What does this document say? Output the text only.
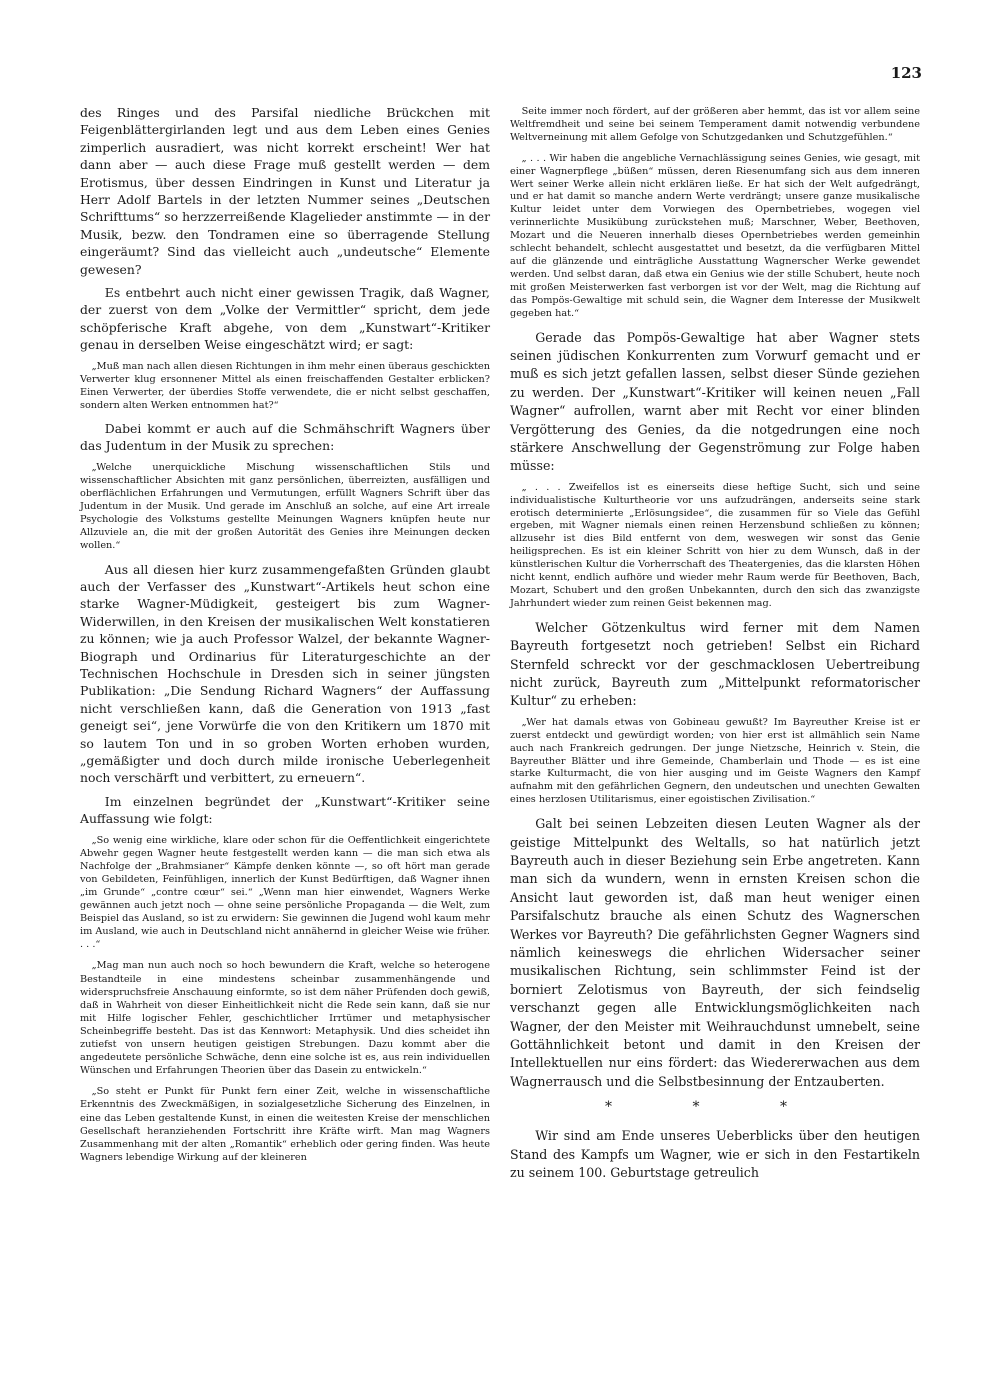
123

des Ringes und des Parsifal niedliche Brückchen mit Feigenblättergirlanden legt und aus dem Leben eines Genies zimperlich ausradiert, was nicht korrekt erscheint! Wer hat dann aber — auch diese Frage muß gestellt werden — dem Erotismus, über dessen Eindringen in Kunst und Literatur ja Herr Adolf Bartels in der letzten Nummer seines „Deutschen Schrifttums“ so herzzerreißende Klagelieder anstimmte — in der Musik, bezw. den Tondramen eine so überragende Stellung eingeräumt? Sind das vielleicht auch „undeutsche“ Elemente gewesen?

Es entbehrt auch nicht einer gewissen Tragik, daß Wagner, der zuerst von dem „Volke der Vermittler“ spricht, dem jede schöpferische Kraft abgehe, von dem „Kunstwart“-Kritiker genau in derselben Weise eingeschätzt wird; er sagt:

„Muß man nach allen diesen Richtungen in ihm mehr einen überaus geschickten Verwerter klug ersonnener Mittel als einen freischaffenden Gestalter erblicken? Einen Verwerter, der überdies Stoffe verwendete, die er nicht selbst geschaffen, sondern alten Werken entnommen hat?“

Dabei kommt er auch auf die Schmähschrift Wagners über das Judentum in der Musik zu sprechen:

„Welche unerquickliche Mischung wissenschaftlichen Stils und wissenschaftlicher Absichten mit ganz persönlichen, überreizten, ausfälligen und oberflächlichen Erfahrungen und Vermutungen, erfüllt Wagners Schrift über das Judentum in der Musik. Und gerade im Anschluß an solche, auf eine Art irreale Psychologie des Volkstums gestellte Meinungen Wagners knüpfen heute nur Allzuviele an, die mit der großen Autorität des Genies ihre Meinungen decken wollen.“

Aus all diesen hier kurz zusammengefaßten Gründen glaubt auch der Verfasser des „Kunstwart“-Artikels heut schon eine starke Wagner-Müdigkeit, gesteigert bis zum Wagner-Widerwillen, in den Kreisen der musikalischen Welt konstatieren zu können; wie ja auch Professor Walzel, der bekannte Wagner-Biograph und Ordinarius für Literaturgeschichte an der Technischen Hochschule in Dresden sich in seiner jüngsten Publikation: „Die Sendung Richard Wagners“ der Auffassung nicht verschließen kann, daß die Generation von 1913 „fast geneigt sei“, jene Vorwürfe die von den Kritikern um 1870 mit so lautem Ton und in so groben Worten erhoben wurden, „gemäßigter und doch durch milde ironische Ueberlegenheit noch verschärft und verbittert, zu erneuern“.

Im einzelnen begründet der „Kunstwart“-Kritiker seine Auffassung wie folgt:

„So wenig eine wirkliche, klare oder schon für die Oeffentlichkeit eingerichtete Abwehr gegen Wagner heute festgestellt werden kann — die man sich etwa als Nachfolge der „Brahmsianer“ Kämpfe denken könnte —, so oft hört man gerade von Gebildeten, Feinfühligen, innerlich der Kunst Bedürftigen, daß Wagner ihnen „im Grunde“ „contre cœur“ sei.“ „Wenn man hier einwendet, Wagners Werke gewännen auch jetzt noch — ohne seine persönliche Propaganda — die Welt, zum Beispiel das Ausland, so ist zu erwidern: Sie gewinnen die Jugend wohl kaum mehr im Ausland, wie auch in Deutschland nicht annähernd in gleicher Weise wie früher. . . .“

„Mag man nun auch noch so hoch bewundern die Kraft, welche so heterogene Bestandteile in eine mindestens scheinbar zusammenhängende und widerspruchsfreie Anschauung einformte, so ist dem näher Prüfenden doch gewiß, daß in Wahrheit von dieser Einheitlichkeit nicht die Rede sein kann, daß sie nur mit Hilfe logischer Fehler, geschichtlicher Irrtümer und metaphysischer Scheinbegriffe besteht. Das ist das Kennwort: Metaphysik. Und dies scheidet ihn zutiefst von unsern heutigen geistigen Strebungen. Dazu kommt aber die angedeutete persönliche Schwäche, denn eine solche ist es, aus rein individuellen Wünschen und Erfahrungen Theorien über das Dasein zu entwickeln.“

„So steht er Punkt für Punkt fern einer Zeit, welche in wissenschaftliche Erkenntnis des Zweckmäßigen, in sozialgesetzliche Sicherung des Einzelnen, in eine das Leben gestaltende Kunst, in einen die weitesten Kreise der menschlichen Gesellschaft heranziehenden Fortschritt ihre Kräfte wirft. Man mag Wagners Zusammenhang mit der alten „Romantik“ erheblich oder gering finden. Was heute Wagners lebendige Wirkung auf der kleineren

Seite immer noch fördert, auf der größeren aber hemmt, das ist vor allem seine Weltfremdheit und seine bei seinem Temperament damit notwendig verbundene Weltverneinung mit allem Gefolge von Schutzgedanken und Schutzgefühlen.“

„ . . . Wir haben die angebliche Vernachlässigung seines Genies, wie gesagt, mit einer Wagnerpflege „büßen“ müssen, deren Riesenumfang sich aus dem inneren Wert seiner Werke allein nicht erklären ließe. Er hat sich der Welt aufgedrängt, und er hat damit so manche andern Werte verdrängt; unsere ganze musikalische Kultur leidet unter dem Vorwiegen des Opernbetriebes, wogegen viel verinnerlichte Musikübung zurückstehen muß; Marschner, Weber, Beethoven, Mozart und die Neueren innerhalb dieses Opernbetriebes werden gemeinhin schlecht behandelt, schlecht ausgestattet und besetzt, da die verfügbaren Mittel auf die glänzende und einträgliche Ausstattung Wagnerscher Werke gewendet werden. Und selbst daran, daß etwa ein Genius wie der stille Schubert, heute noch mit großen Meisterwerken fast verborgen ist vor der Welt, mag die Richtung auf das Pompös-Gewaltige mit schuld sein, die Wagner dem Interesse der Musikwelt gegeben hat.“

Gerade das Pompös-Gewaltige hat aber Wagner stets seinen jüdischen Konkurrenten zum Vorwurf gemacht und er muß es sich jetzt gefallen lassen, selbst dieser Sünde geziehen zu werden. Der „Kunstwart“-Kritiker will keinen neuen „Fall Wagner“ aufrollen, warnt aber mit Recht vor einer blinden Vergötterung des Genies, da die notgedrungen eine noch stärkere Anschwellung der Gegenströmung zur Folge haben müsse:

„ . . . Zweifellos ist es einerseits diese heftige Sucht, sich und seine individualistische Kulturtheorie vor uns aufzudrängen, anderseits seine stark erotisch determinierte „Erlösungsidee“, die zusammen für so Viele das Gefühl ergeben, mit Wagner niemals einen reinen Herzensbund schließen zu können; allzusehr ist dies Bild entfernt von dem, weswegen wir sonst das Genie heiligsprechen. Es ist ein kleiner Schritt von hier zu dem Wunsch, daß in der künstlerischen Kultur die Vorherrschaft des Theatergenies, das die klarsten Höhen nicht kennt, endlich aufhöre und wieder mehr Raum werde für Beethoven, Bach, Mozart, Schubert und den großen Unbekannten, durch den sich das zwanzigste Jahrhundert wieder zum reinen Geist bekennen mag.

Welcher Götzenkultus wird ferner mit dem Namen Bayreuth fortgesetzt noch getrieben! Selbst ein Richard Sternfeld schreckt vor der geschmacklosen Uebertreibung nicht zurück, Bayreuth zum „Mittelpunkt reformatorischer Kultur“ zu erheben:

„Wer hat damals etwas von Gobineau gewußt? Im Bayreuther Kreise ist er zuerst entdeckt und gewürdigt worden; von hier erst ist allmählich sein Name auch nach Frankreich gedrungen. Der junge Nietzsche, Heinrich v. Stein, die Bayreuther Blätter und ihre Gemeinde, Chamberlain und Thode — es ist eine starke Kulturmacht, die von hier ausging und im Geiste Wagners den Kampf aufnahm mit den gefährlichen Gegnern, den undeutschen und unechten Gewalten eines herzlosen Utilitarismus, einer egoistischen Zivilisation.“

Galt bei seinen Lebzeiten diesen Leuten Wagner als der geistige Mittelpunkt des Weltalls, so hat natürlich jetzt Bayreuth auch in dieser Beziehung sein Erbe angetreten. Kann man sich da wundern, wenn in ernsten Kreisen schon die Ansicht laut geworden ist, daß man heut weniger einen Parsifalschutz brauche als einen Schutz des Wagnerschen Werkes vor Bayreuth? Die gefährlichsten Gegner Wagners sind nämlich keineswegs die ehrlichen Widersacher seiner musikalischen Richtung, sein schlimmster Feind ist der borniert Zelotismus von Bayreuth, der sich feindselig verschanzt gegen alle Entwicklungsmöglichkeiten nach Wagner, der den Meister mit Weihrauchdunst umnebelt, seine Gottähnlichkeit betont und damit in den Kreisen der Intellektuellen nur eins fördert: das Wiedererwachen aus dem Wagnerrausch und die Selbstbesinnung der Entzauberten.

* * *

Wir sind am Ende unseres Ueberblicks über den heutigen Stand des Kampfs um Wagner, wie er sich in den Festartikeln zu seinem 100. Geburtstage getreulich
